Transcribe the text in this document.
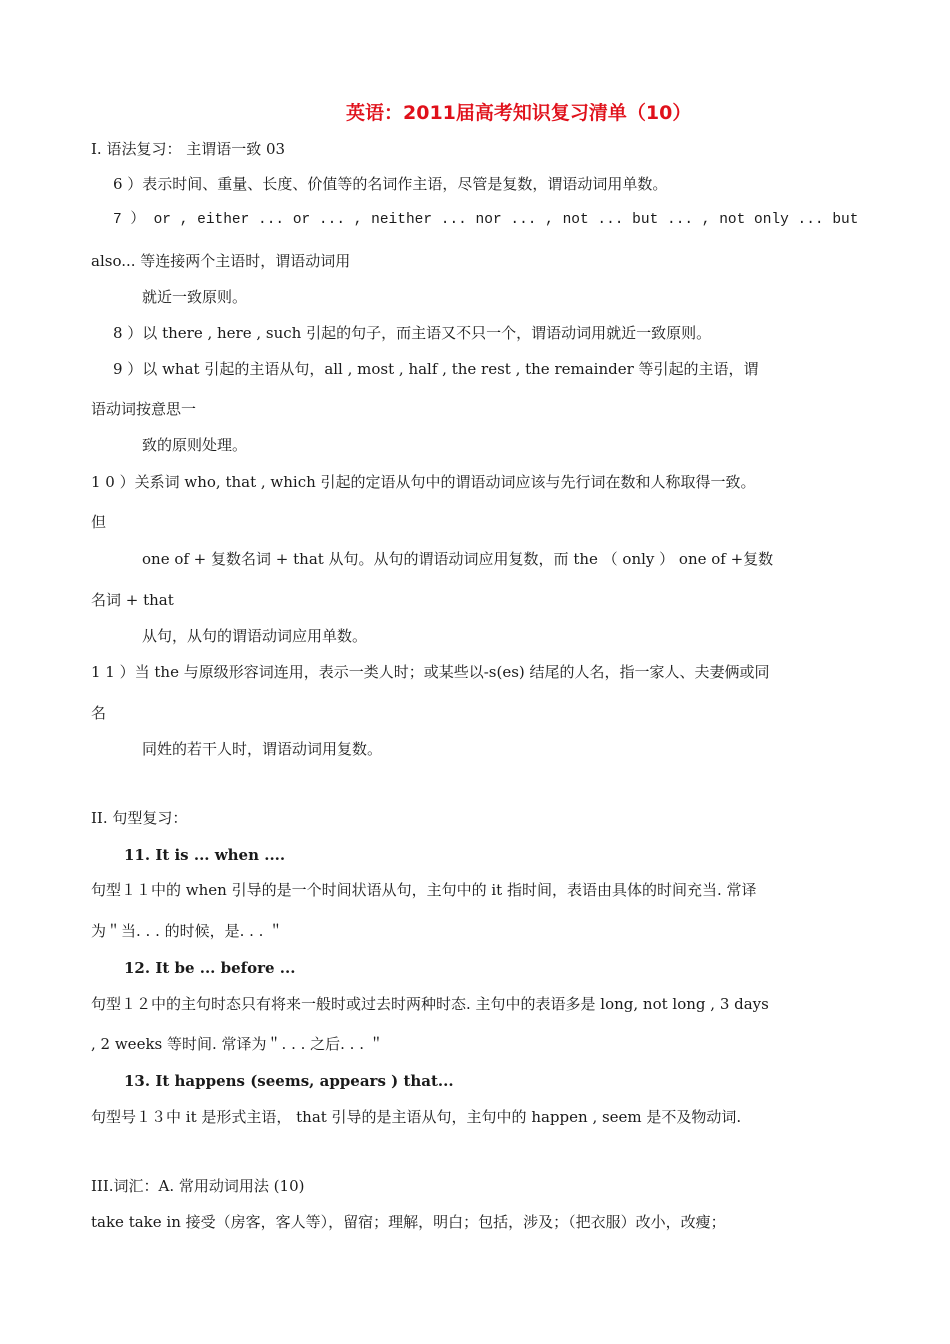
英语：2011届高考知识复习清单（10）
I. 语法复习： 主谓语一致 03
6 ）表示时间、重量、长度、价值等的名词作主语，尽管是复数，谓语动词用单数。
7 ） or , either ... or ... , neither ... nor ... , not ... but ... , not only ... but
also... 等连接两个主语时，谓语动词用
就近一致原则。
8 ）以 there , here , such 引起的句子，而主语又不只一个，谓语动词用就近一致原则。
9 ）以 what 引起的主语从句，all , most , half , the rest , the remainder 等引起的主语，谓
语动词按意思一
致的原则处理。
1 0 ）关系词 who, that , which 引起的定语从句中的谓语动词应该与先行词在数和人称取得一致。
但
one of + 复数名词 + that 从句。从句的谓语动词应用复数，而 the （ only ） one of +复数
名词 + that
从句，从句的谓语动词应用单数。
1 1 ）当 the 与原级形容词连用，表示一类人时；或某些以-s(es) 结尾的人名，指一家人、夫妻俩或同
名
同姓的若干人时，谓语动词用复数。
II. 句型复习：
11. It is ... when ....
句型１１中的 when 引导的是一个时间状语从句，主句中的 it 指时间，表语由具体的时间充当. 常译
为＂当. . . 的时候，是. . . ＂
12. It be ... before ...
句型１２中的主句时态只有将来一般时或过去时两种时态. 主句中的表语多是 long, not long , 3 days
, 2 weeks 等时间. 常译为＂. . . 之后. . . ＂
13. It happens (seems, appears ) that...
句型号１３中 it 是形式主语， that 引导的是主语从句，主句中的 happen , seem 是不及物动词.
III.词汇：A. 常用动词用法 (10)
take take in 接受（房客，客人等），留宿；理解，明白；包括，涉及；（把衣服）改小，改瘦；
